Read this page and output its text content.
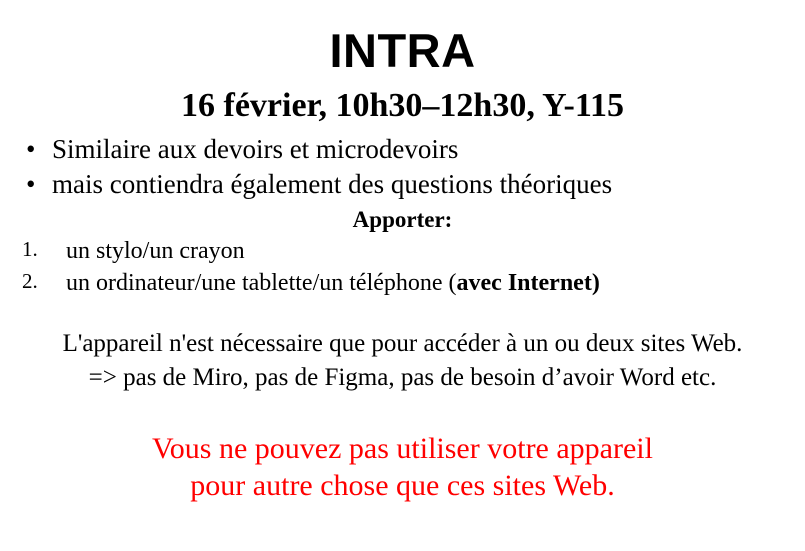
INTRA
16 février, 10h30–12h30, Y-115
• Similaire aux devoirs et microdevoirs
• mais contiendra également des questions théoriques

Apporter:

1. un stylo/un crayon
2. un ordinateur/une tablette/un téléphone (avec Internet)

L'appareil n'est nécessaire que pour accéder à un ou deux sites Web.

=> pas de Miro, pas de Figma, pas de besoin d’avoir Word etc.

Vous ne pouvez pas utiliser votre appareil
pour autre chose que ces sites Web.
